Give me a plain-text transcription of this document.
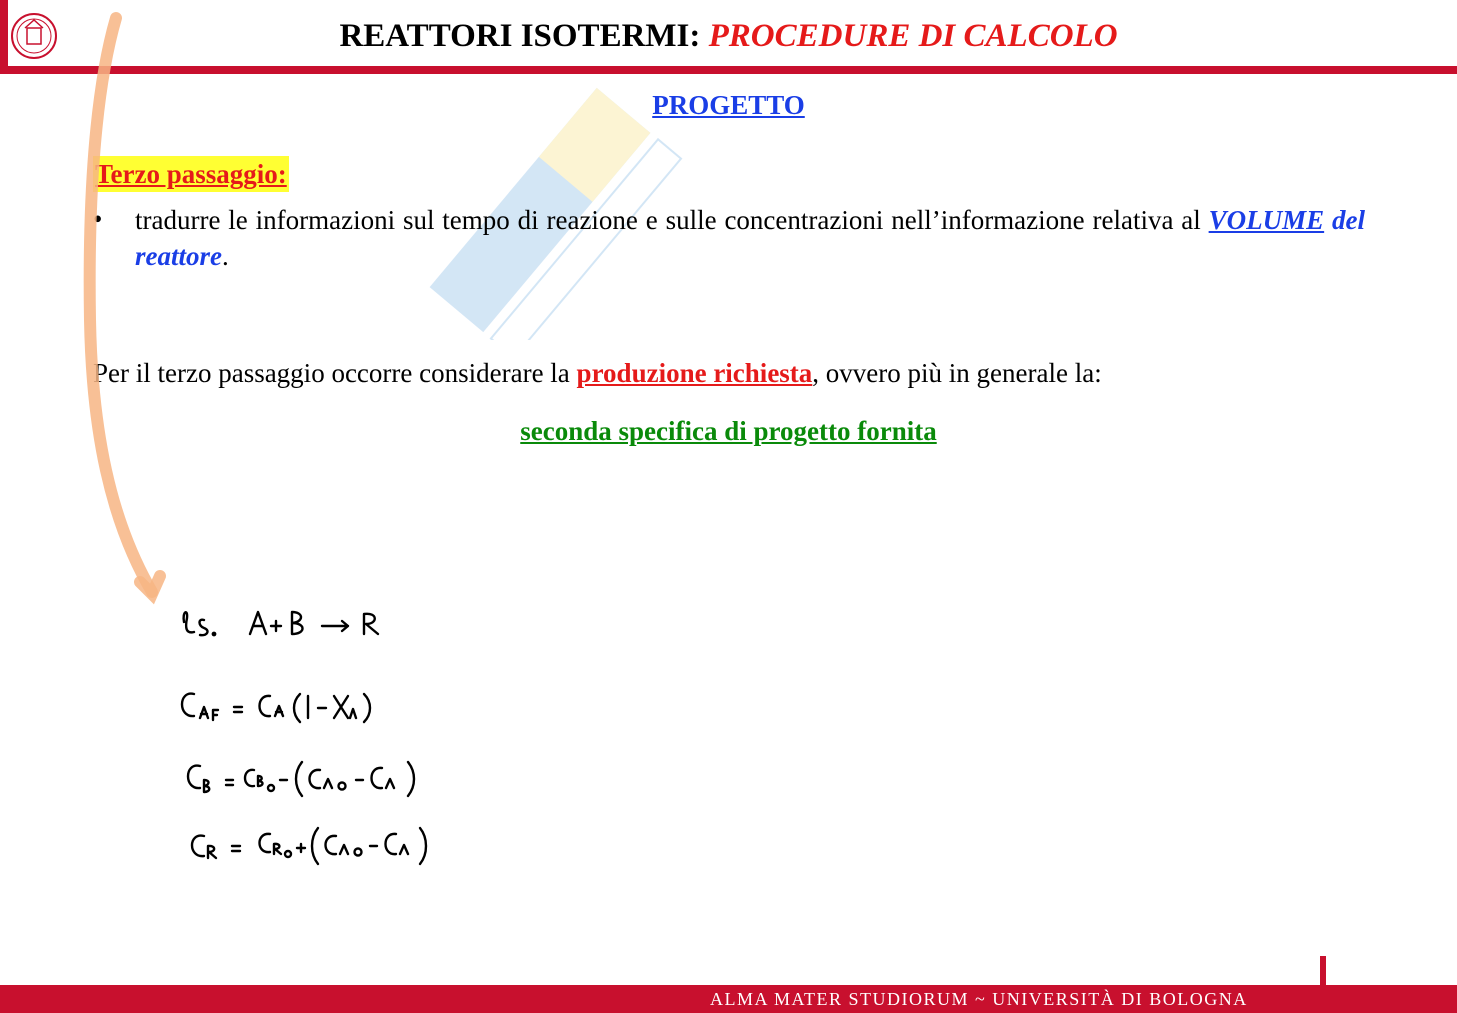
REATTORI ISOTERMI: PROCEDURE DI CALCOLO
PROGETTO
Terzo passaggio:
• tradurre le informazioni sul tempo di reazione e sulle concentrazioni nell’informazione relativa al VOLUME del reattore.
Per il terzo passaggio occorre considerare la produzione richiesta, ovvero più in generale la:
seconda specifica di progetto fornita
ALMA MATER STUDIORUM ~ UNIVERSITÀ DI BOLOGNA
